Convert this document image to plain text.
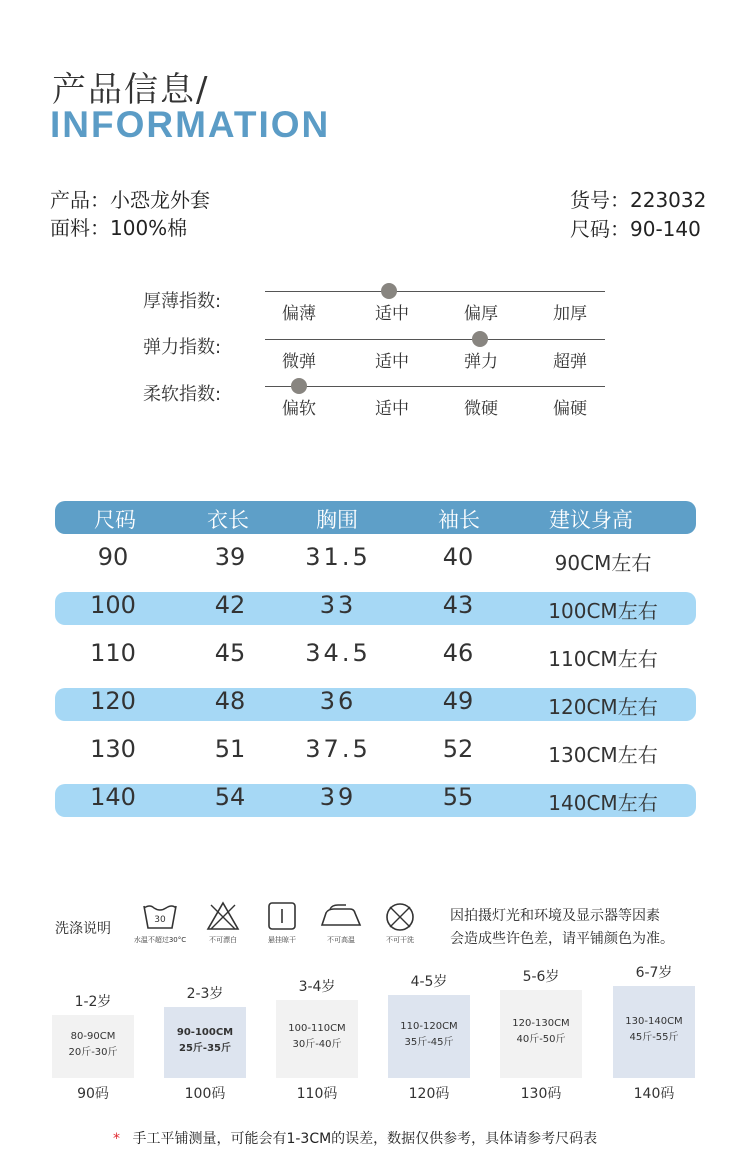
产品信息/
INFORMATION
产品：小恐龙外套
面料：100%棉
货号：223032
尺码：90-140
厚薄指数:
偏薄	适中	偏厚	加厚
弹力指数:
微弹	适中	弹力	超弹
柔软指数:
偏软	适中	微硬	偏硬
尺码	衣长	胸围	袖长	建议身高
90	39	31.5	40	90CM左右
100	42	33	43	100CM左右
110	45	34.5	46	110CM左右
120	48	36	49	120CM左右
130	51	37.5	52	130CM左右
140	54	39	55	140CM左右
洗涤说明
30
水温不超过30°C	不可漂白	悬挂晾干	不可高温	不可干洗
因拍摄灯光和环境及显示器等因素
会造成些许色差，请平铺颜色为准。
1-2岁
80-90CM
20斤-30斤
90码
2-3岁
90-100CM
25斤-35斤
100码
3-4岁
100-110CM
30斤-40斤
110码
4-5岁
110-120CM
35斤-45斤
120码
5-6岁
120-130CM
40斤-50斤
130码
6-7岁
130-140CM
45斤-55斤
140码
* 手工平铺测量，可能会有1-3CM的误差，数据仅供参考，具体请参考尺码表
